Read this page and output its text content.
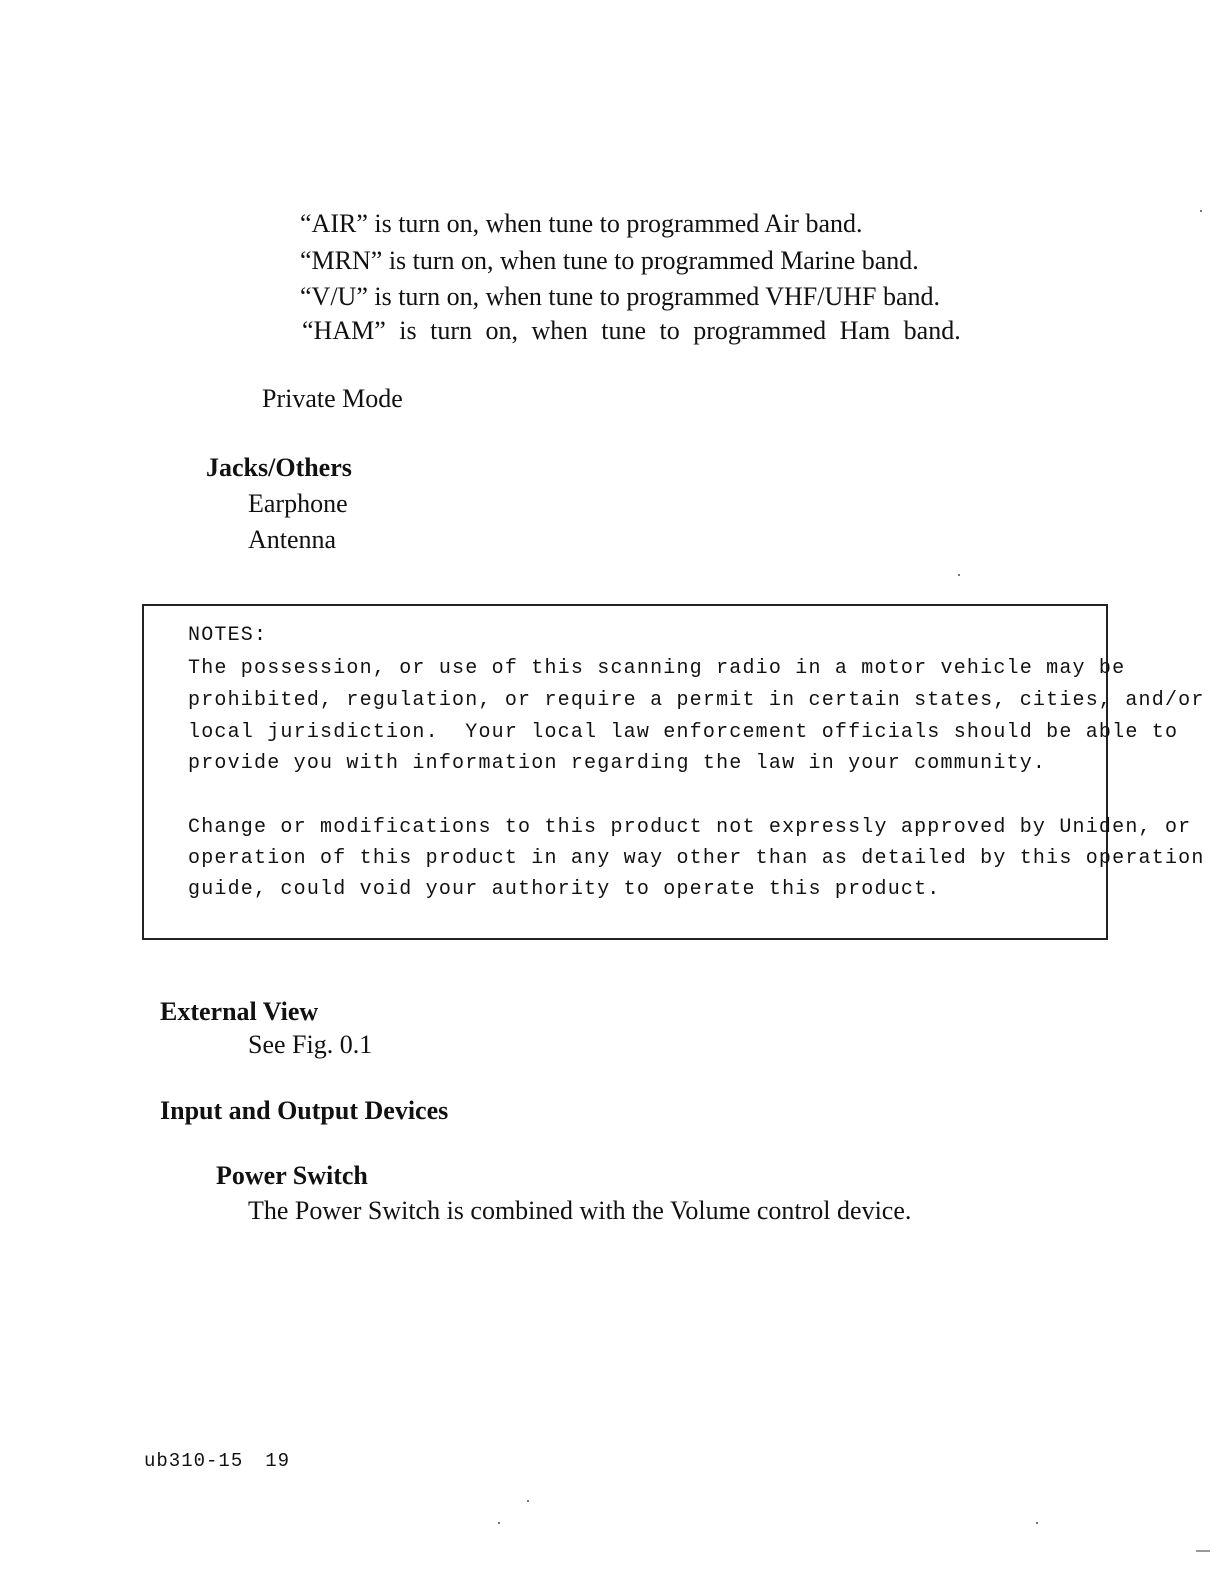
“AIR” is turn on, when tune to programmed Air band.
“MRN” is turn on, when tune to programmed Marine band.
“V/U” is turn on, when tune to programmed VHF/UHF band.
“HAM” is turn on, when tune to programmed Ham band.
Private Mode
Jacks/Others
Earphone
Antenna
NOTES:
The possession, or use of this scanning radio in a motor vehicle may be
prohibited, regulation, or require a permit in certain states, cities, and/or
local jurisdiction.  Your local law enforcement officials should be able to
provide you with information regarding the law in your community.
Change or modifications to this product not expressly approved by Uniden, or
operation of this product in any way other than as detailed by this operation
guide, could void your authority to operate this product.
External View
See Fig. 0.1
Input and Output Devices
Power Switch
The Power Switch is combined with the Volume control device.
ub310-15 19
